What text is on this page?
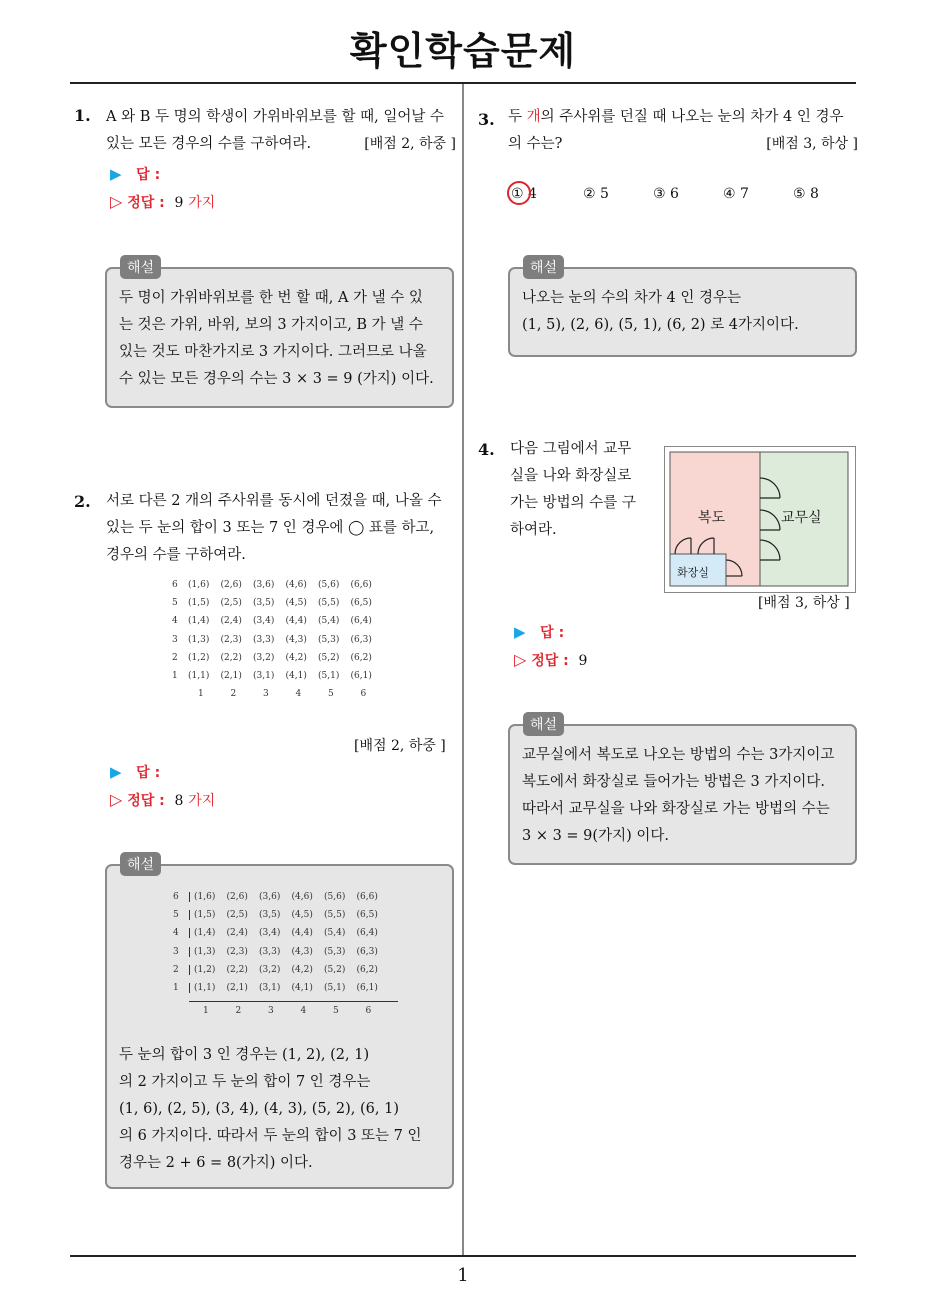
확인학습문제
1
1. A 와 B 두 명의 학생이 가위바위보를 할 때, 일어날 수
있는 모든 경우의 수를 구하여라.	[배점 2, 하중 ]
▶ 답 :
▷ 정답 : 9 가지
두 명이 가위바위보를 한 번 할 때, A 가 낼 수 있
는 것은 가위, 바위, 보의 3 가지이고, B 가 낼 수
있는 것도 마찬가지로 3 가지이다. 그러므로 나올
수 있는 모든 경우의 수는 3 × 3 = 9 (가지) 이다.
해설
2. 서로 다른 2 개의 주사위를 동시에 던졌을 때, 나올 수
있는 두 눈의 합이 3 또는 7 인 경우에 ◯ 표를 하고,
경우의 수를 구하여라.
6 (1,6) (2,6) (3,6) (4,6) (5,6) (6,6)
5 (1,5) (2,5) (3,5) (4,5) (5,5) (6,5)
4 (1,4) (2,4) (3,4) (4,4) (5,4) (6,4)
3 (1,3) (2,3) (3,3) (4,3) (5,3) (6,3)
2 (1,2) (2,2) (3,2) (4,2) (5,2) (6,2)
1 (1,1) (2,1) (3,1) (4,1) (5,1) (6,1)
1	2	3	4	5	6
[배점 2, 하중 ]
▶ 답 :
▷ 정답 : 8 가지
6 (1,6) (2,6) (3,6) (4,6) (5,6) (6,6)
5 (1,5) (2,5) (3,5) (4,5) (5,5) (6,5)
4 (1,4) (2,4) (3,4) (4,4) (5,4) (6,4)
3 (1,3) (2,3) (3,3) (4,3) (5,3) (6,3)
2 (1,2) (2,2) (3,2) (4,2) (5,2) (6,2)
1 (1,1) (2,1) (3,1) (4,1) (5,1) (6,1)
1	2	3	4	5	6
두 눈의 합이 3 인 경우는 (1, 2), (2, 1)
의 2 가지이고 두 눈의 합이 7 인 경우는
(1, 6), (2, 5), (3, 4), (4, 3), (5, 2), (6, 1)
의 6 가지이다. 따라서 두 눈의 합이 3 또는 7 인
경우는 2 + 6 = 8(가지) 이다.
해설
3. 두 개의 주사위를 던질 때 나오는 눈의 차가 4 인 경우
의 수는?	[배점 3, 하상 ]
① 4	② 5	③ 6	④ 7	⑤ 8
나오는 눈의 수의 차가 4 인 경우는
(1, 5), (2, 6), (5, 1), (6, 2) 로 4가지이다.
해설
4. 다음 그림에서 교무
실을 나와 화장실로
가는 방법의 수를 구
하여라.
복도	교무실
화장실
[배점 3, 하상 ]
▶ 답 :
▷ 정답 : 9
교무실에서 복도로 나오는 방법의 수는 3가지이고
복도에서 화장실로 들어가는 방법은 3 가지이다.
따라서 교무실을 나와 화장실로 가는 방법의 수는
3 × 3 = 9(가지) 이다.
해설
